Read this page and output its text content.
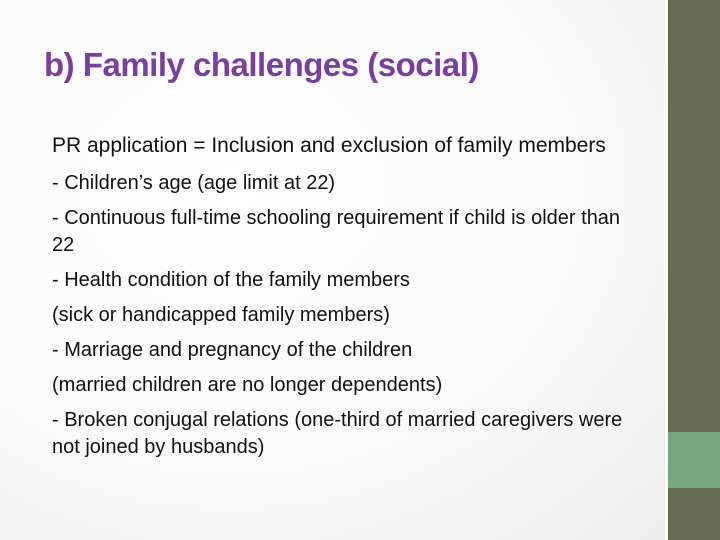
b) Family challenges (social)

PR application = Inclusion and exclusion of family members

- Children’s age (age limit at 22)

- Continuous full-time schooling requirement if child is older than 22

- Health condition of the family members

(sick or handicapped family members)

- Marriage and pregnancy of the children

(married children are no longer dependents)

- Broken conjugal relations (one-third of married caregivers were not joined by husbands)
